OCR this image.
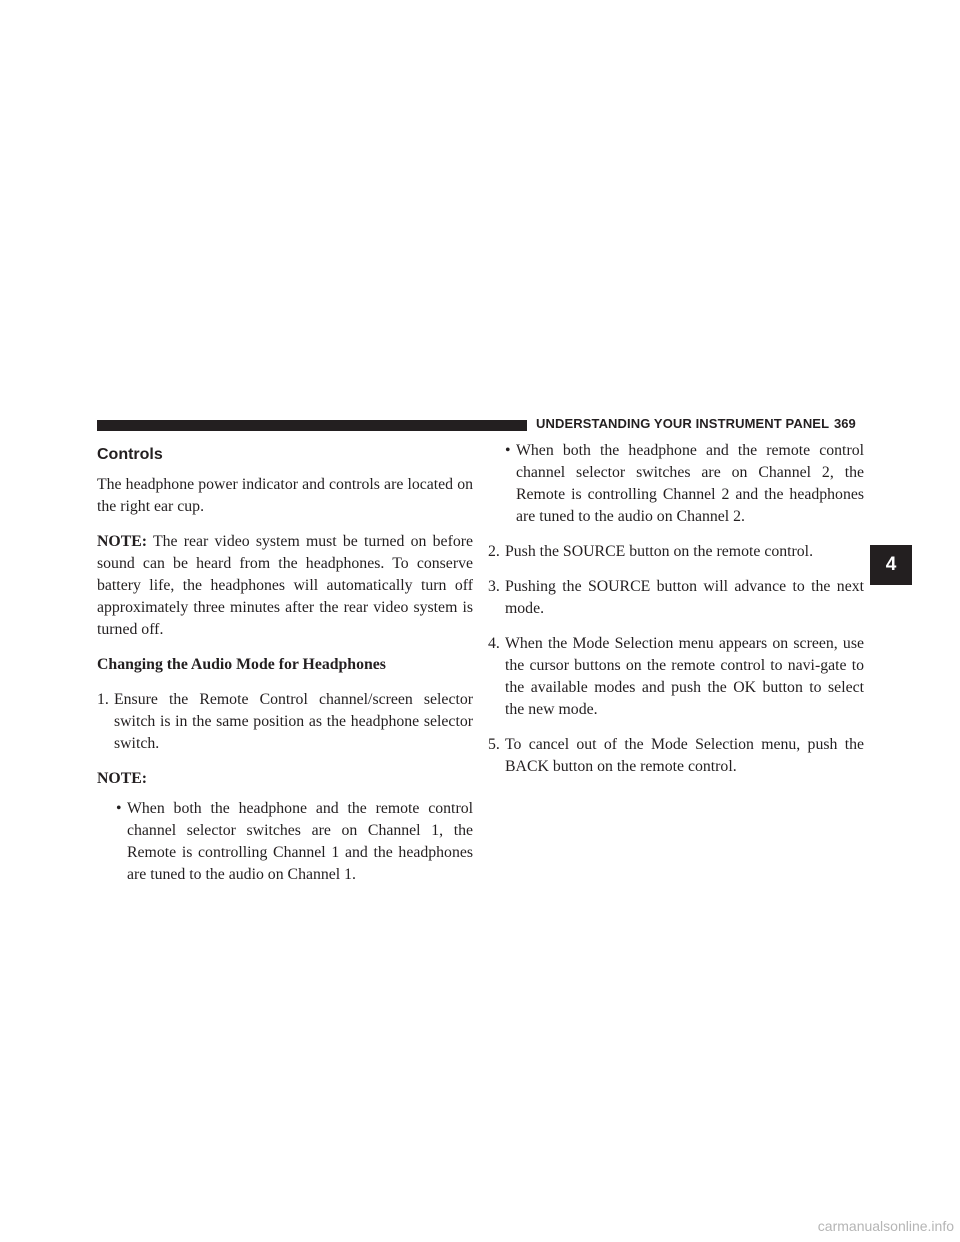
UNDERSTANDING YOUR INSTRUMENT PANEL 369
4
Controls

The headphone power indicator and controls are located on the right ear cup.

NOTE: The rear video system must be turned on before sound can be heard from the headphones. To conserve battery life, the headphones will automatically turn off approximately three minutes after the rear video system is turned off.

Changing the Audio Mode for Headphones
1. Ensure the Remote Control channel/screen selector switch is in the same position as the headphone selector switch.
NOTE:
• When both the headphone and the remote control channel selector switches are on Channel 1, the Remote is controlling Channel 1 and the headphones are tuned to the audio on Channel 1.
• When both the headphone and the remote control channel selector switches are on Channel 2, the Remote is controlling Channel 2 and the headphones are tuned to the audio on Channel 2.
2. Push the SOURCE button on the remote control.
3. Pushing the SOURCE button will advance to the next mode.
4. When the Mode Selection menu appears on screen, use the cursor buttons on the remote control to navi-gate to the available modes and push the OK button to select the new mode.
5. To cancel out of the Mode Selection menu, push the BACK button on the remote control.
carmanualsonline.info
